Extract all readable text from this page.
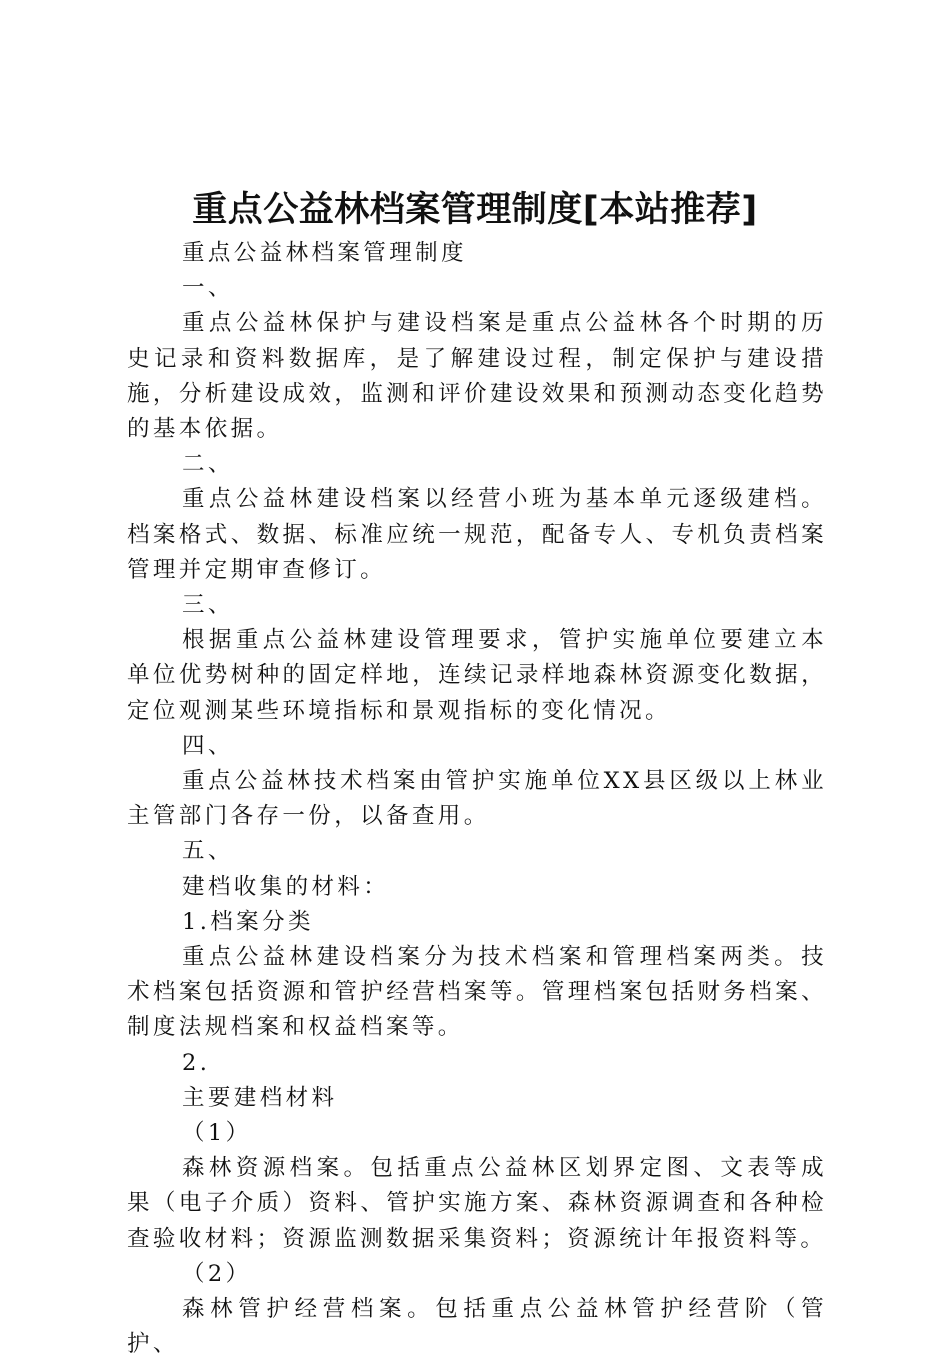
重点公益林档案管理制度[本站推荐]

重点公益林档案管理制度

一、

重点公益林保护与建设档案是重点公益林各个时期的历史记录和资料数据库，是了解建设过程，制定保护与建设措施，分析建设成效，监测和评价建设效果和预测动态变化趋势的基本依据。

二、

重点公益林建设档案以经营小班为基本单元逐级建档。档案格式、数据、标准应统一规范，配备专人、专机负责档案管理并定期审查修订。

三、

根据重点公益林建设管理要求，管护实施单位要建立本单位优势树种的固定样地，连续记录样地森林资源变化数据，定位观测某些环境指标和景观指标的变化情况。

四、

重点公益林技术档案由管护实施单位XX县区级以上林业主管部门各存一份，以备查用。

五、

建档收集的材料：

1.档案分类

重点公益林建设档案分为技术档案和管理档案两类。技术档案包括资源和管护经营档案等。管理档案包括财务档案、制度法规档案和权益档案等。

2.

主要建档材料

（1）

森林资源档案。包括重点公益林区划界定图、文表等成果（电子介质）资料、管护实施方案、森林资源调查和各种检查验收材料；资源监测数据采集资料；资源统计年报资料等。

（2）

森林管护经营档案。包括重点公益林管护经营阶（管护、
